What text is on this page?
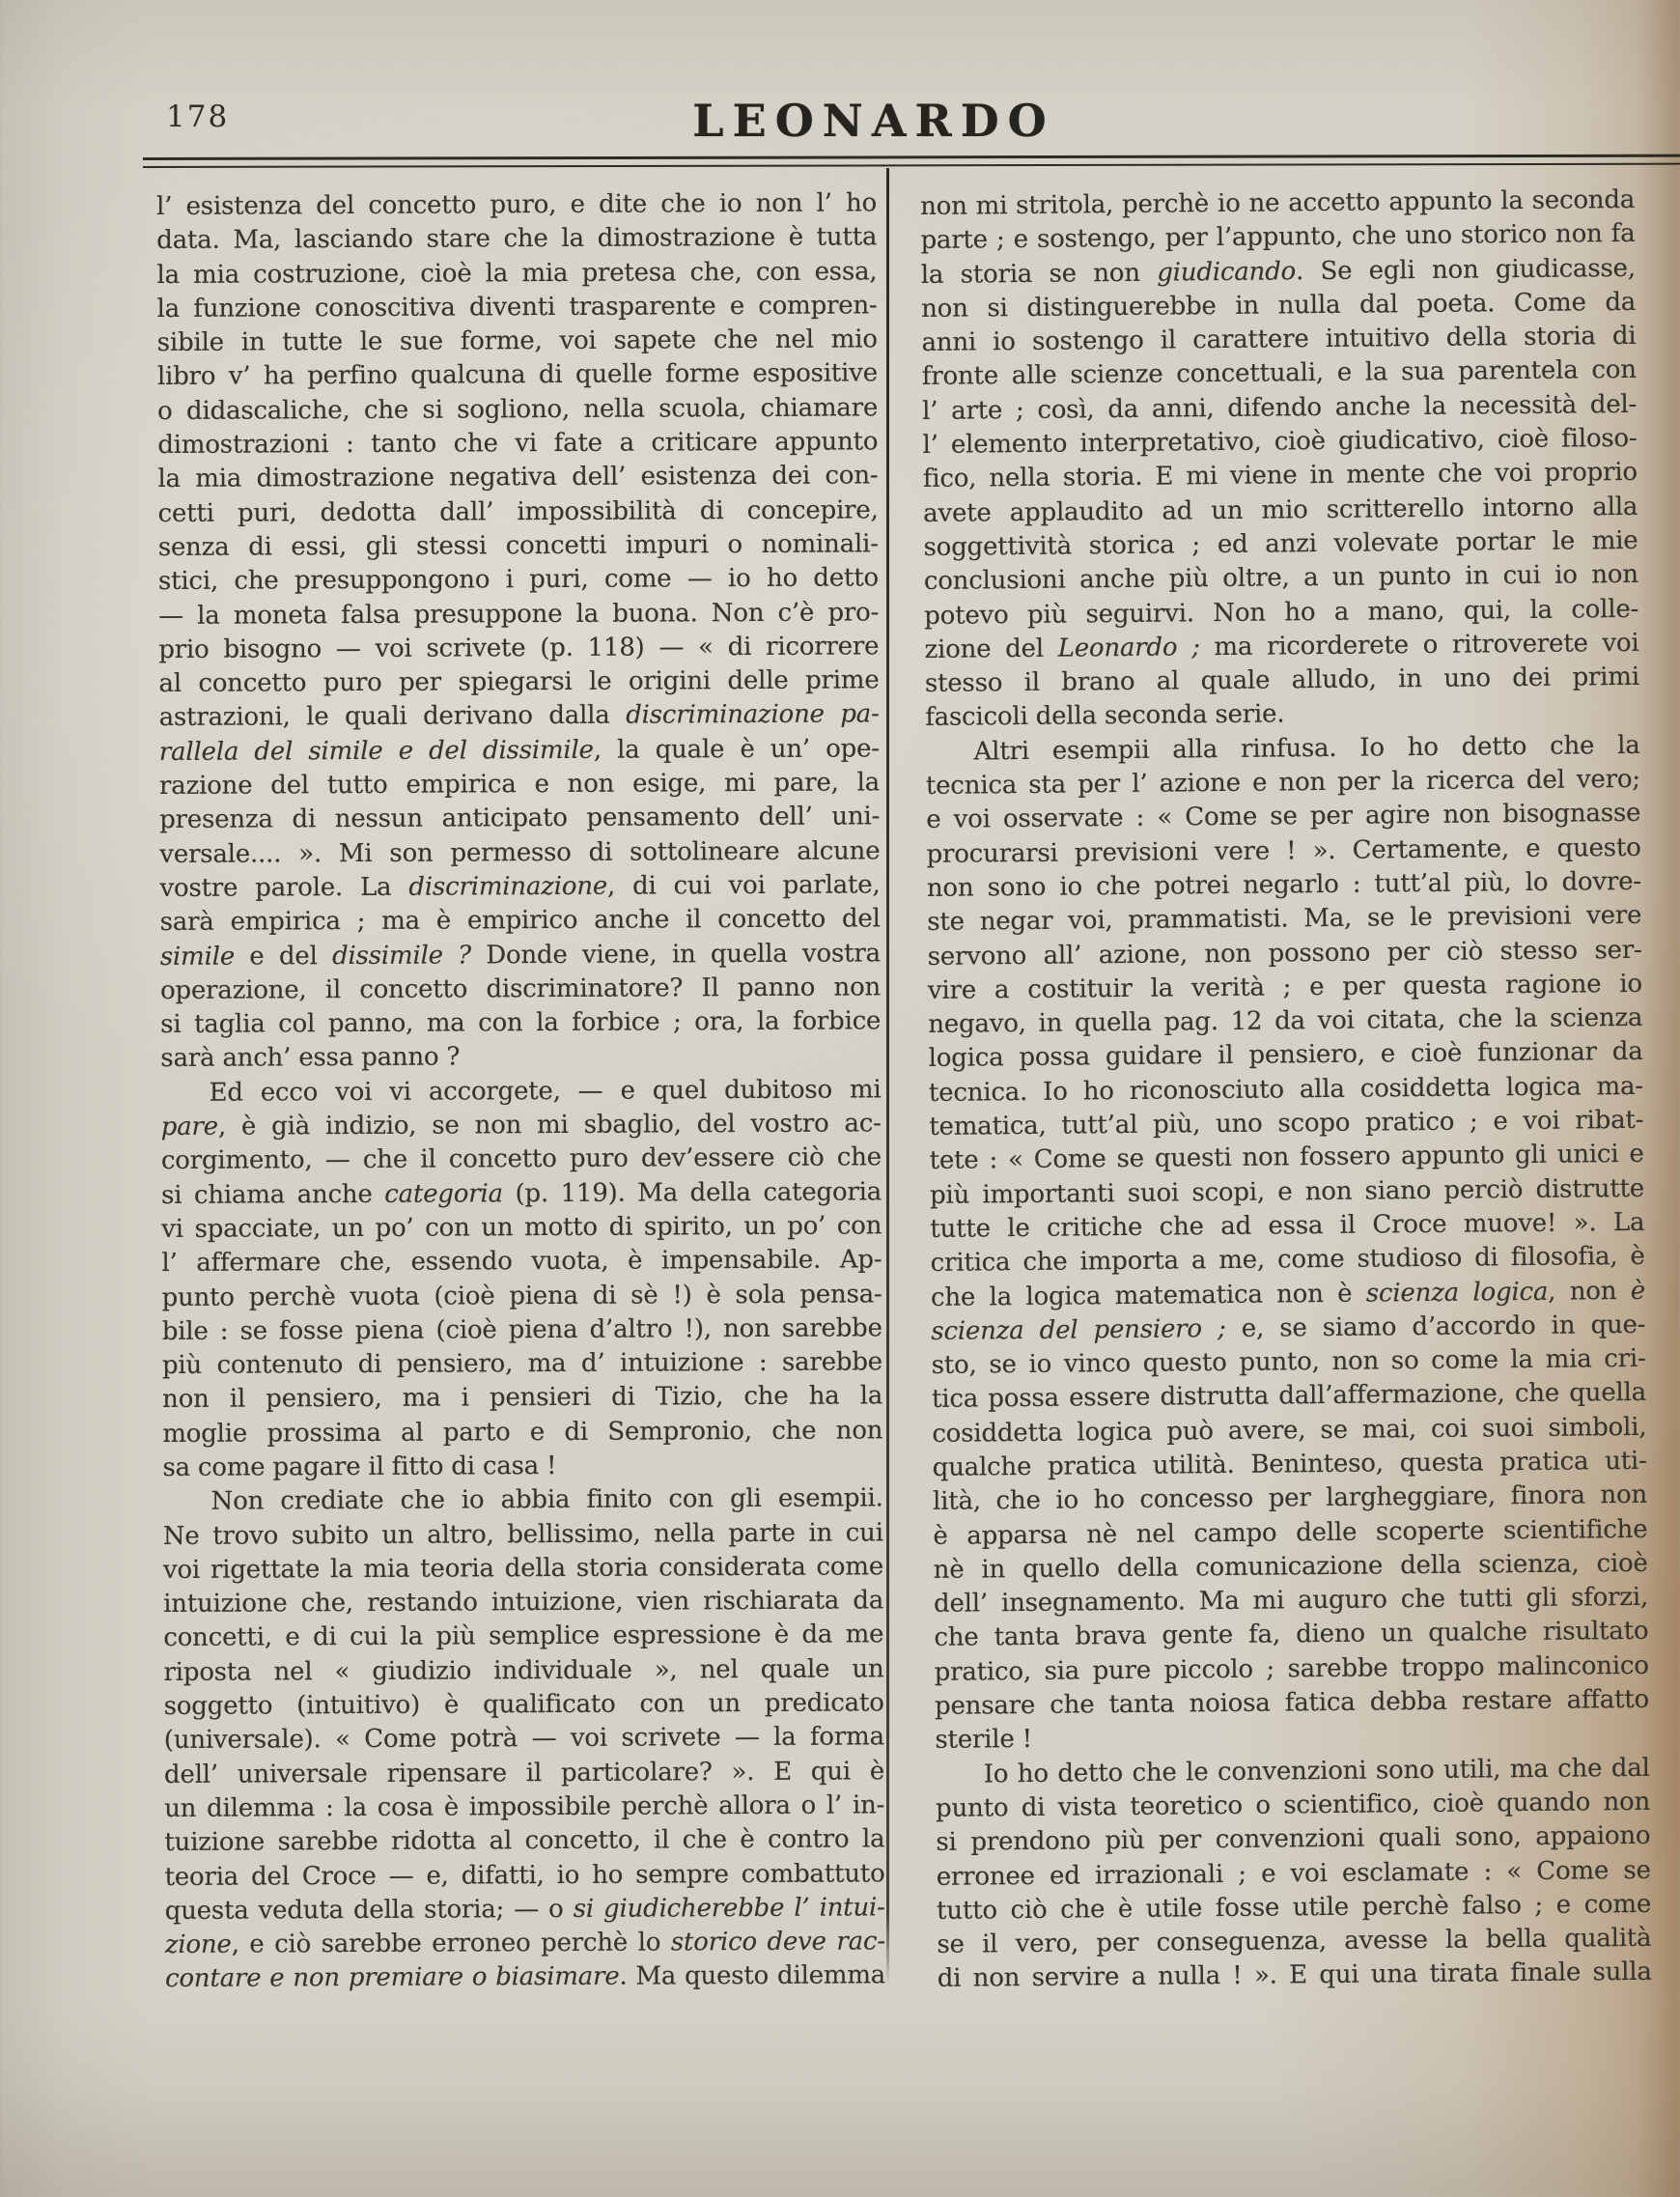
178	LEONARDO
l’ esistenza del concetto puro, e dite che io non l’ ho
data. Ma, lasciando stare che la dimostrazione è tutta
la mia costruzione, cioè la mia pretesa che, con essa,
la funzione conoscitiva diventi trasparente e compren-
sibile in tutte le sue forme, voi sapete che nel mio
libro v’ ha perfino qualcuna di quelle forme espositive
o didascaliche, che si sogliono, nella scuola, chiamare
dimostrazioni : tanto che vi fate a criticare appunto
la mia dimostrazione negativa dell’ esistenza dei con-
cetti puri, dedotta dall’ impossibilità di concepire,
senza di essi, gli stessi concetti impuri o nominali-
stici, che presuppongono i puri, come — io ho detto
— la moneta falsa presuppone la buona. Non c’è pro-
prio bisogno — voi scrivete (p. 118) — « di ricorrere
al concetto puro per spiegarsi le origini delle prime
astrazioni, le quali derivano dalla discriminazione pa-
rallela del simile e del dissimile, la quale è un’ ope-
razione del tutto empirica e non esige, mi pare, la
presenza di nessun anticipato pensamento dell’ uni-
versale.... ». Mi son permesso di sottolineare alcune
vostre parole. La discriminazione, di cui voi parlate,
sarà empirica ; ma è empirico anche il concetto del
simile e del dissimile ? Donde viene, in quella vostra
operazione, il concetto discriminatore? Il panno non
si taglia col panno, ma con la forbice ; ora, la forbice
sarà anch’ essa panno ?
Ed ecco voi vi accorgete, — e quel dubitoso mi
pare, è già indizio, se non mi sbaglio, del vostro ac-
corgimento, — che il concetto puro dev’essere ciò che
si chiama anche categoria (p. 119). Ma della categoria
vi spacciate, un po’ con un motto di spirito, un po’ con
l’ affermare che, essendo vuota, è impensabile. Ap-
punto perchè vuota (cioè piena di sè !) è sola pensa-
bile : se fosse piena (cioè piena d’altro !), non sarebbe
più contenuto di pensiero, ma d’ intuizione : sarebbe
non il pensiero, ma i pensieri di Tizio, che ha la
moglie prossima al parto e di Sempronio, che non
sa come pagare il fitto di casa !
Non crediate che io abbia finito con gli esempii.
Ne trovo subito un altro, bellissimo, nella parte in cui
voi rigettate la mia teoria della storia considerata come
intuizione che, restando intuizione, vien rischiarata da
concetti, e di cui la più semplice espressione è da me
riposta nel « giudizio individuale », nel quale un
soggetto (intuitivo) è qualificato con un predicato
(universale). « Come potrà — voi scrivete — la forma
dell’ universale ripensare il particolare? ». E qui è
un dilemma : la cosa è impossibile perchè allora o l’ in-
tuizione sarebbe ridotta al concetto, il che è contro la
teoria del Croce — e, difatti, io ho sempre combattuto
questa veduta della storia; — o si giudicherebbe l’ intui-
zione, e ciò sarebbe erroneo perchè lo storico deve rac-
contare e non premiare o biasimare. Ma questo dilemma
non mi stritola, perchè io ne accetto appunto la seconda
parte ; e sostengo, per l’appunto, che uno storico non fa
la storia se non giudicando. Se egli non giudicasse,
non si distinguerebbe in nulla dal poeta. Come da
anni io sostengo il carattere intuitivo della storia di
fronte alle scienze concettuali, e la sua parentela con
l’ arte ; così, da anni, difendo anche la necessità del-
l’ elemento interpretativo, cioè giudicativo, cioè filoso-
fico, nella storia. E mi viene in mente che voi proprio
avete applaudito ad un mio scritterello intorno alla
soggettività storica ; ed anzi volevate portar le mie
conclusioni anche più oltre, a un punto in cui io non
potevo più seguirvi. Non ho a mano, qui, la colle-
zione del Leonardo ; ma ricorderete o ritroverete voi
stesso il brano al quale alludo, in uno dei primi
fascicoli della seconda serie.
Altri esempii alla rinfusa. Io ho detto che la
tecnica sta per l’ azione e non per la ricerca del vero;
e voi osservate : « Come se per agire non bisognasse
procurarsi previsioni vere ! ». Certamente, e questo
non sono io che potrei negarlo : tutt’al più, lo dovre-
ste negar voi, prammatisti. Ma, se le previsioni vere
servono all’ azione, non possono per ciò stesso ser-
vire a costituir la verità ; e per questa ragione io
negavo, in quella pag. 12 da voi citata, che la scienza
logica possa guidare il pensiero, e cioè funzionar da
tecnica. Io ho riconosciuto alla cosiddetta logica ma-
tematica, tutt’al più, uno scopo pratico ; e voi ribat-
tete : « Come se questi non fossero appunto gli unici e
più importanti suoi scopi, e non siano perciò distrutte
tutte le critiche che ad essa il Croce muove! ». La
critica che importa a me, come studioso di filosofia, è
che la logica matematica non è scienza logica, non è
scienza del pensiero ; e, se siamo d’accordo in que-
sto, se io vinco questo punto, non so come la mia cri-
tica possa essere distrutta dall’affermazione, che quella
cosiddetta logica può avere, se mai, coi suoi simboli,
qualche pratica utilità. Beninteso, questa pratica uti-
lità, che io ho concesso per largheggiare, finora non
è apparsa nè nel campo delle scoperte scientifiche
nè in quello della comunicazione della scienza, cioè
dell’ insegnamento. Ma mi auguro che tutti gli sforzi,
che tanta brava gente fa, dieno un qualche risultato
pratico, sia pure piccolo ; sarebbe troppo malinconico
pensare che tanta noiosa fatica debba restare affatto
sterile !
Io ho detto che le convenzioni sono utili, ma che dal
punto di vista teoretico o scientifico, cioè quando non
si prendono più per convenzioni quali sono, appaiono
erronee ed irrazionali ; e voi esclamate : « Come se
tutto ciò che è utile fosse utile perchè falso ; e come
se il vero, per conseguenza, avesse la bella qualità
di non servire a nulla ! ». E qui una tirata finale sulla
